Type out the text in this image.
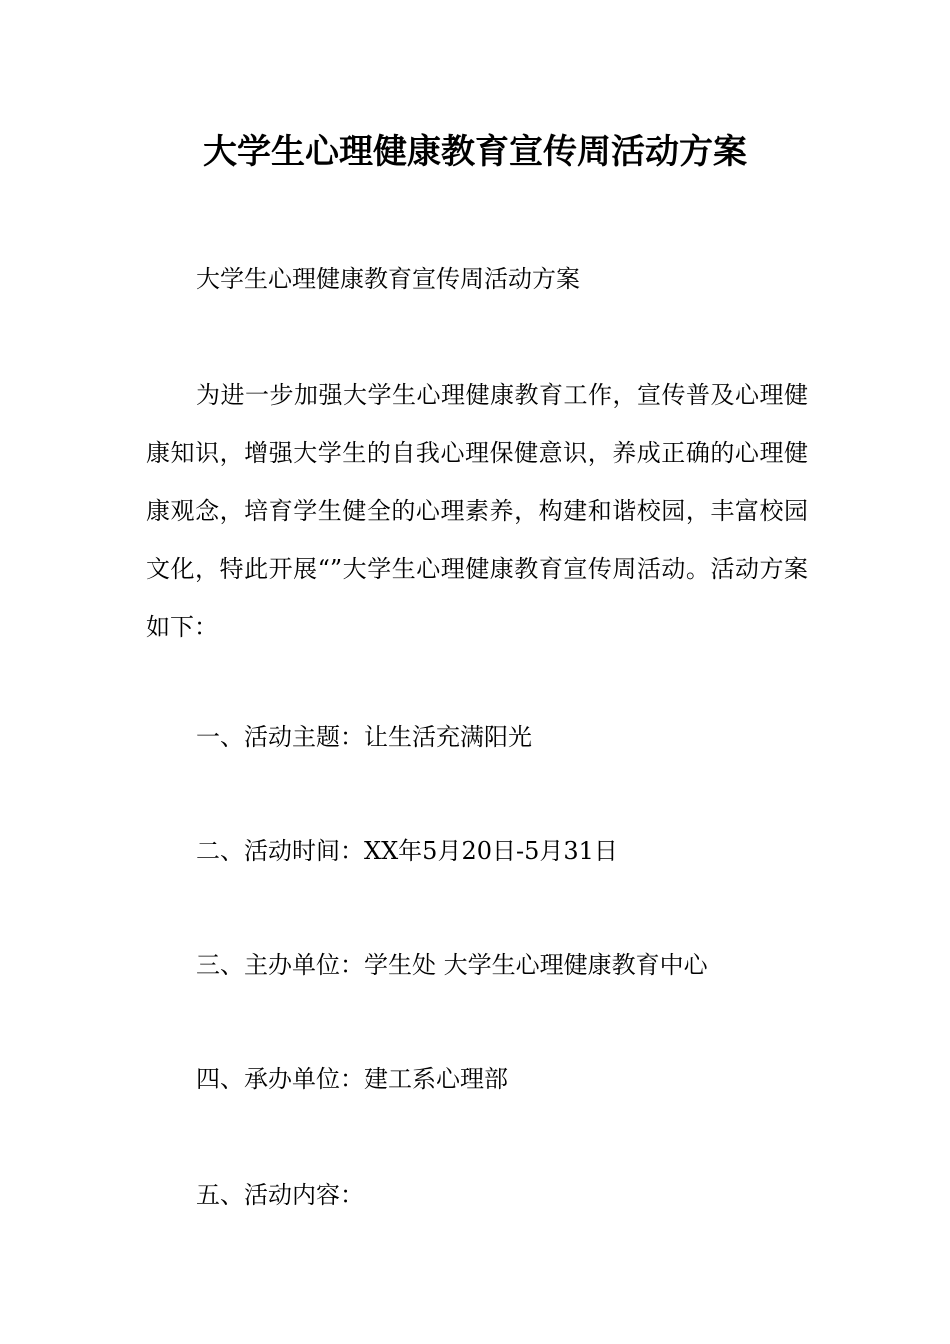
大学生心理健康教育宣传周活动方案

大学生心理健康教育宣传周活动方案

为进一步加强大学生心理健康教育工作，宣传普及心理健康知识，增强大学生的自我心理保健意识，养成正确的心理健康观念，培育学生健全的心理素养，构建和谐校园，丰富校园文化，特此开展“”大学生心理健康教育宣传周活动。活动方案如下：

一、活动主题：让生活充满阳光

二、活动时间：XX年5月20日-5月31日

三、主办单位：学生处 大学生心理健康教育中心

四、承办单位：建工系心理部

五、活动内容：
